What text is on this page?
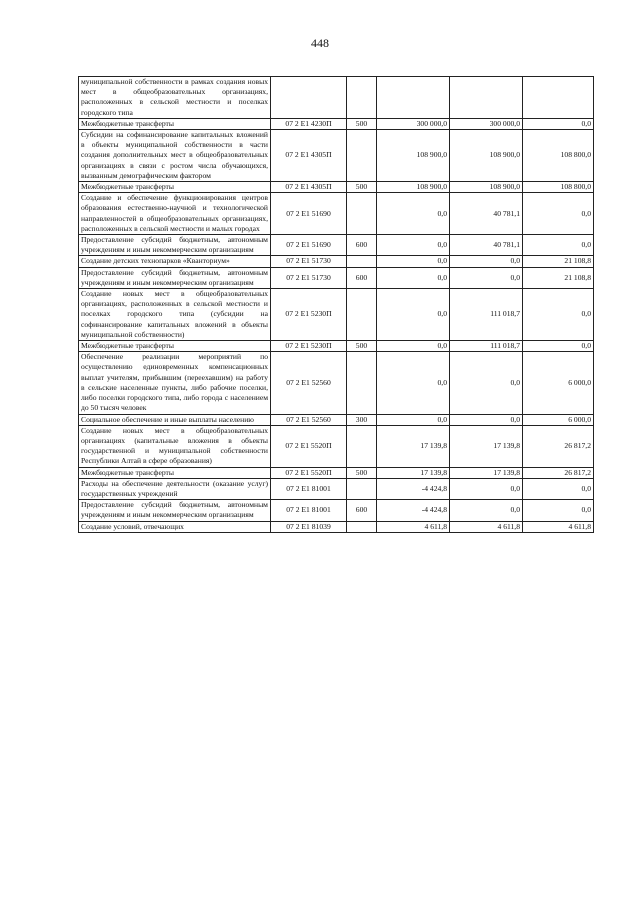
448
муниципальной собственности в рамках создания новых мест в общеобразовательных организациях, расположенных в сельской местности и поселках городского типа					
Межбюджетные трансферты	07 2 Е1 4230П	500	300 000,0	300 000,0	0,0
Субсидии на софинансирование капитальных вложений в объекты муниципальной собственности в части создания дополнительных мест в общеобразовательных организациях в связи с ростом числа обучающихся, вызванным демографическим фактором	07 2 Е1 4305П		108 900,0	108 900,0	108 800,0
Межбюджетные трансферты	07 2 Е1 4305П	500	108 900,0	108 900,0	108 800,0
Создание и обеспечение функционирования центров образования естественно-научной и технологической направленностей в общеобразовательных организациях, расположенных в сельской местности и малых городах	07 2 Е1 51690		0,0	40 781,1	0,0
Предоставление субсидий бюджетным, автономным учреждениям и иным некоммерческим организациям	07 2 Е1 51690	600	0,0	40 781,1	0,0
Создание детских технопарков «Кванториум»	07 2 Е1 51730		0,0	0,0	21 108,8
Предоставление субсидий бюджетным, автономным учреждениям и иным некоммерческим организациям	07 2 Е1 51730	600	0,0	0,0	21 108,8
Создание новых мест в общеобразовательных организациях, расположенных в сельской местности и поселках городского типа (субсидии на софинансирование капитальных вложений в объекты муниципальной собственности)	07 2 Е1 5230П		0,0	111 018,7	0,0
Межбюджетные трансферты	07 2 Е1 5230П	500	0,0	111 018,7	0,0
Обеспечение реализации мероприятий по осуществлению единовременных компенсационных выплат учителям, прибывшим (переехавшим) на работу в сельские населенные пункты, либо рабочие поселки, либо поселки городского типа, либо города с населением до 50 тысяч человек	07 2 Е1 52560		0,0	0,0	6 000,0
Социальное обеспечение и иные выплаты населению	07 2 Е1 52560	300	0,0	0,0	6 000,0
Создание новых мест в общеобразовательных организациях (капитальные вложения в объекты государственной и муниципальной собственности Республики Алтай в сфере образования)	07 2 Е1 5520П		17 139,8	17 139,8	26 817,2
Межбюджетные трансферты	07 2 Е1 5520П	500	17 139,8	17 139,8	26 817,2
Расходы на обеспечение деятельности (оказание услуг) государственных учреждений	07 2 Е1 81001		-4 424,8	0,0	0,0
Предоставление субсидий бюджетным, автономным учреждениям и иным некоммерческим организациям	07 2 Е1 81001	600	-4 424,8	0,0	0,0
Создание условий, отвечающих	07 2 Е1 81039		4 611,8	4 611,8	4 611,8
